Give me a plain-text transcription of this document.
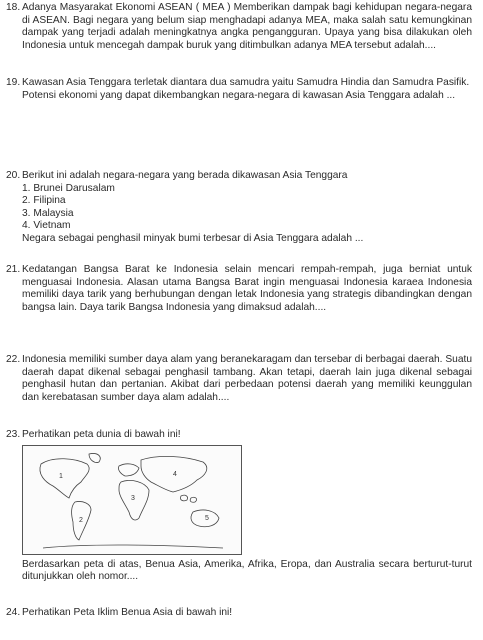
18. Adanya Masyarakat Ekonomi ASEAN ( MEA ) Memberikan dampak bagi kehidupan negara-negara di ASEAN. Bagi negara yang belum siap menghadapi adanya MEA, maka salah satu kemungkinan dampak yang terjadi adalah meningkatnya angka pengangguran. Upaya yang bisa dilakukan oleh Indonesia untuk mencegah dampak buruk yang ditimbulkan adanya MEA tersebut adalah....

19. Kawasan Asia Tenggara terletak diantara dua samudra yaitu Samudra Hindia dan Samudra Pasifik.

Potensi ekonomi yang dapat dikembangkan negara-negara di kawasan Asia Tenggara adalah ...

20. Berikut ini adalah negara-negara yang berada dikawasan Asia Tenggara

1. Brunei Darusalam
2. Filipina
3. Malaysia
4. Vietnam

Negara sebagai penghasil minyak bumi terbesar di Asia Tenggara adalah ...

21. Kedatangan Bangsa Barat ke Indonesia selain mencari rempah-rempah, juga berniat untuk menguasai Indonesia. Alasan utama Bangsa Barat ingin menguasai Indonesia karaea Indonesia memiliki daya tarik yang berhubungan dengan letak Indonesia yang strategis dibandingkan dengan bangsa lain. Daya tarik Bangsa Indonesia yang dimaksud adalah....

22. Indonesia memiliki sumber daya alam yang beranekaragam dan tersebar di berbagai daerah. Suatu daerah dapat dikenal sebagai penghasil tambang. Akan tetapi, daerah lain juga dikenal sebagai penghasil hutan dan pertanian. Akibat dari perbedaan potensi daerah yang memiliki keunggulan dan kerebatasan sumber daya alam adalah....

23. Perhatikan peta dunia di bawah ini!

1
2
3
4
5

Berdasarkan peta di atas, Benua Asia, Amerika, Afrika, Eropa, dan Australia secara berturut-turut ditunjukkan oleh nomor....

24. Perhatikan Peta Iklim Benua Asia di bawah ini!
